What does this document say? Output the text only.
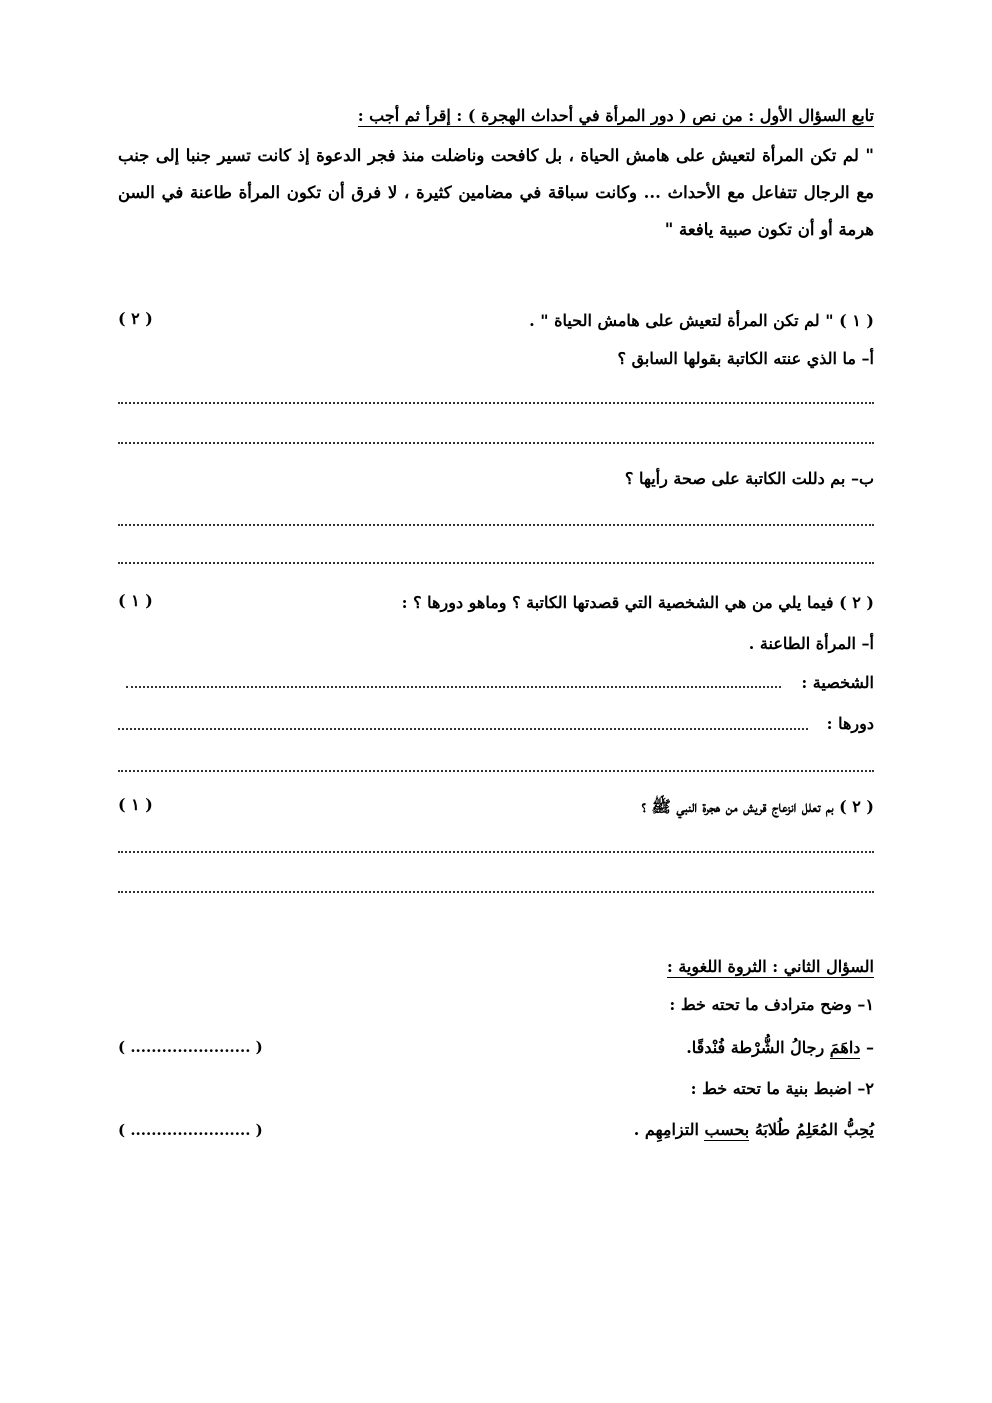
تابع السؤال الأول : من نص ( دور المرأة في أحداث الهجرة ) : إقرأ ثم أجب :
" لم تكن المرأة لتعيش على هامش الحياة ، بل كافحت وناضلت منذ فجر الدعوة إذ كانت تسير جنبا إلى جنب مع الرجال تتفاعل مع الأحداث ... وكانت سباقة في مضامين كثيرة ، لا فرق أن تكون المرأة طاعنة في السن هرمة أو أن تكون صبية يافعة "
( ١ ) " لم تكن المرأة لتعيش على هامش الحياة " .
( ٢ )
أ– ما الذي عنته الكاتبة بقولها السابق ؟
ب– بم دللت الكاتبة على صحة رأيها ؟
( ٢ ) فيما يلي من هي الشخصية التي قصدتها الكاتبة ؟ وماهو دورها ؟ :
( ١ )
أ– المرأة الطاعنة .
الشخصية :
دورها :
( ٢ ) بم تعلل انزعاج قريش من هجرة النبي ﷺ ؟
( ١ )
السؤال الثاني : الثروة اللغوية :
١– وضح مترادف ما تحته خط :
– داهَمَ رجالُ الشُّرْطة فُنْدقًا.
( ....................... )
٢– اضبط بنية ما تحته خط :
يُحِبُّ المُعَلِمُ طُلابَهُ بحسب التزامِهِم .
( ....................... )
